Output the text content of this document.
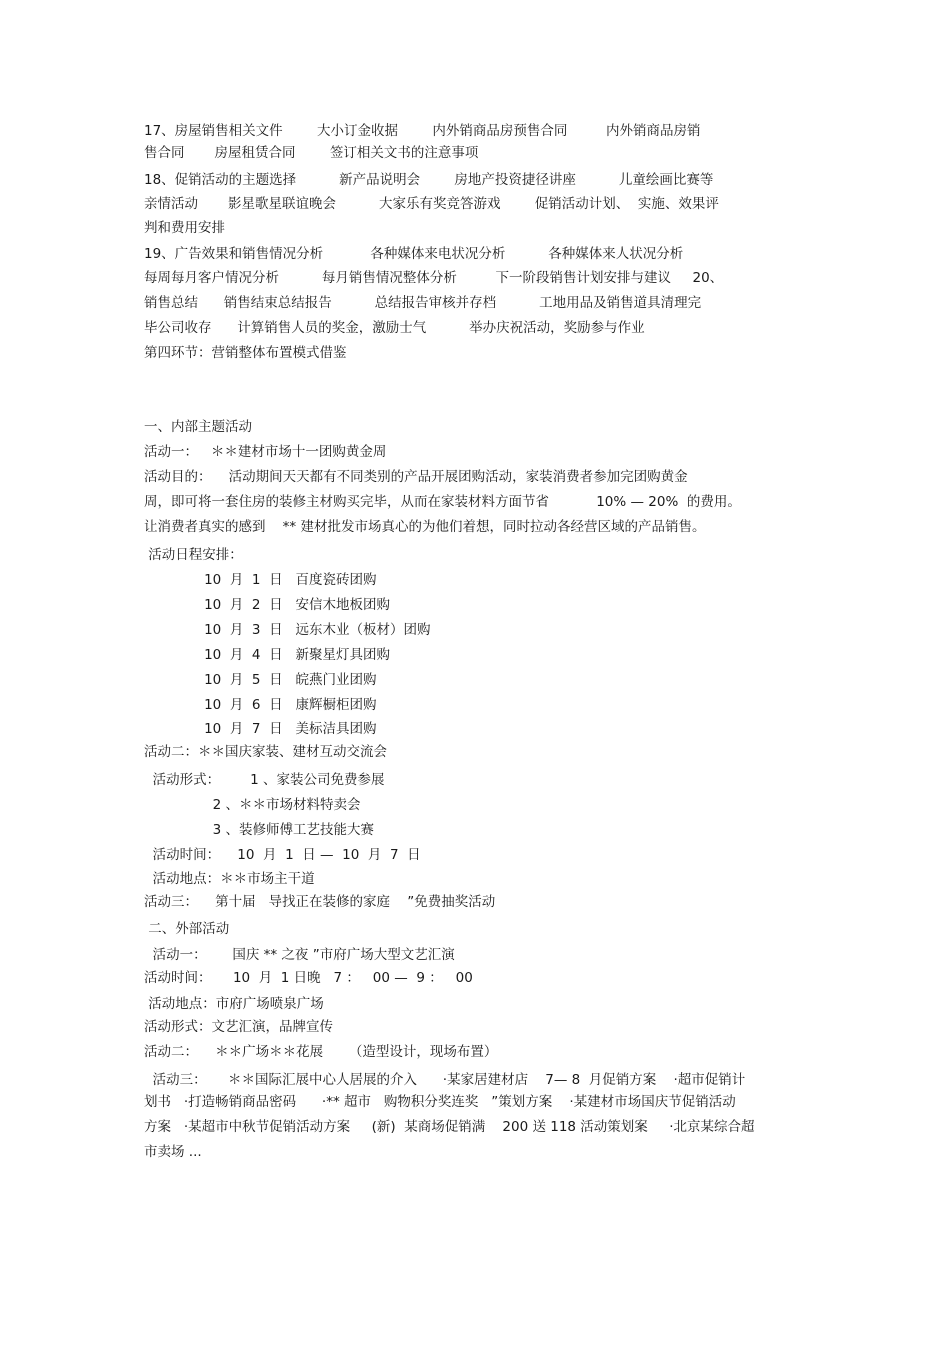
17、房屋销售相关文件        大小订金收据        内外销商品房预售合同         内外销商品房销
售合同       房屋租赁合同        签订相关文书的注意事项
18、促销活动的主题选择          新产品说明会        房地产投资捷径讲座          儿童绘画比赛等
亲情活动       影星歌星联谊晚会          大家乐有奖竞答游戏        促销活动计划、  实施、效果评
判和费用安排
19、广告效果和销售情况分析           各种媒体来电状况分析          各种媒体来人状况分析
每周每月客户情况分析          每月销售情况整体分析         下一阶段销售计划安排与建议     20、
销售总结      销售结束总结报告          总结报告审核并存档          工地用品及销售道具清理完
毕公司收存      计算销售人员的奖金，激励士气          举办庆祝活动，奖励参与作业
第四环节：营销整体布置模式借鉴
一、内部主题活动
活动一：   ＊＊建材市场十一团购黄金周
活动目的：    活动期间天天都有不同类别的产品开展团购活动，家装消费者参加完团购黄金
周，即可将一套住房的装修主材购买完毕，从而在家装材料方面节省           10% — 20%  的费用。
让消费者真实的感到    ** 建材批发市场真心的为他们着想，同时拉动各经营区域的产品销售。
活动日程安排：
10  月  1  日   百度瓷砖团购
10  月  2  日   安信木地板团购
10  月  3  日   远东木业（板材）团购
10  月  4  日   新聚星灯具团购
10  月  5  日   皖燕门业团购
10  月  6  日   康辉橱柜团购
10  月  7  日   美标洁具团购
活动二：＊＊国庆家装、建材互动交流会
活动形式：       1 、家装公司免费参展
2 、＊＊市场材料特卖会
3 、装修师傅工艺技能大赛
活动时间：    10  月  1  日 —  10  月  7  日
活动地点：＊＊市场主干道
活动三：    第十届   导找正在装修的家庭    ”免费抽奖活动
二、外部活动
活动一：      国庆 ** 之夜 ”市府广场大型文艺汇演
活动时间：     10  月  1 日晚   7 ：   00 —  9 ：   00
活动地点：市府广场喷泉广场
活动形式：文艺汇演，品牌宣传
活动二：    ＊＊广场＊＊花展      （造型设计，现场布置）
活动三：     ＊＊国际汇展中心人居展的介入      ·某家居建材店    7— 8  月促销方案    ·超市促销计
划书   ·打造畅销商品密码      ·** 超市   购物积分奖连奖   ”策划方案    ·某建材市场国庆节促销活动
方案   ·某超市中秋节促销活动方案     (新)  某商场促销满    200 送 118 活动策划案     ·北京某综合超
市卖场 ...
